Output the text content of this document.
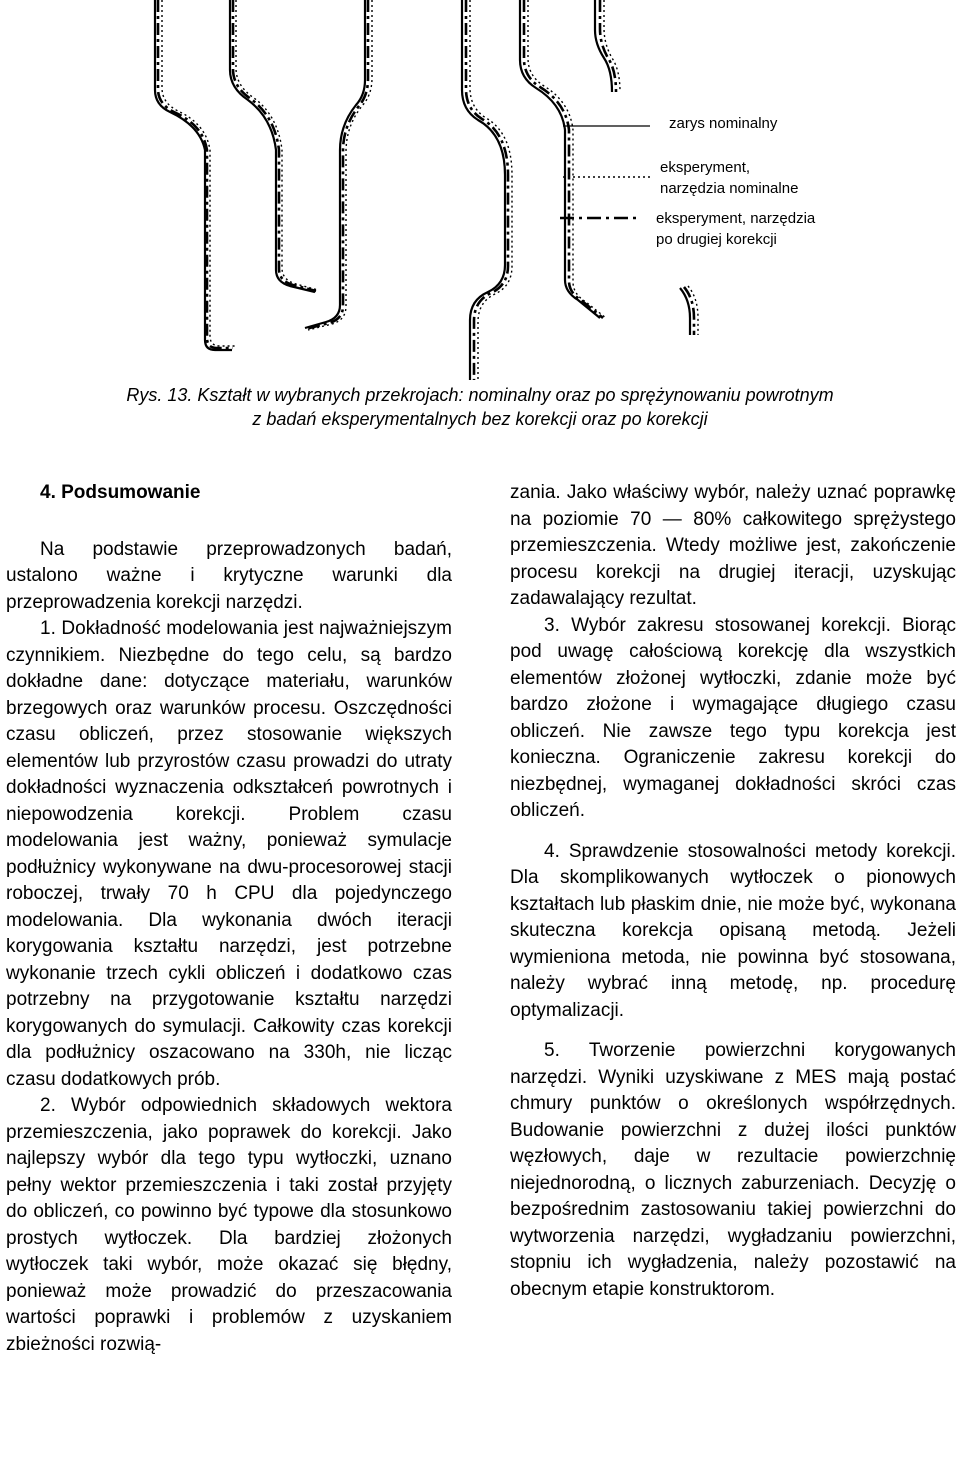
zarys nominalny
eksperyment,
narzędzia nominalne
eksperyment, narzędzia
po drugiej korekcji
Rys. 13. Kształt w wybranych przekrojach: nominalny oraz po sprężynowaniu powrotnym
z badań eksperymentalnych bez korekcji oraz po korekcji

4. Podsumowanie

Na podstawie przeprowadzonych badań, ustalono ważne i krytyczne warunki dla przeprowadzenia korekcji narzędzi.

1. Dokładność modelowania jest najważniejszym czynnikiem. Niezbędne do tego celu, są bardzo dokładne dane: dotyczące materiału, warunków brzegowych oraz warunków procesu. Oszczędności czasu obliczeń, przez stosowanie większych elementów lub przyrostów czasu prowadzi do utraty dokładności wyznaczenia odkształceń powrotnych i niepowodzenia korekcji. Problem czasu modelowania jest ważny, ponieważ symulacje podłużnicy wykonywane na dwu-procesorowej stacji roboczej, trwały 70 h CPU dla pojedynczego modelowania. Dla wykonania dwóch iteracji korygowania kształtu narzędzi, jest potrzebne wykonanie trzech cykli obliczeń i dodatkowo czas potrzebny na przygotowanie kształtu narzędzi korygowanych do symulacji. Całkowity czas korekcji dla podłużnicy oszacowano na 330h, nie licząc czasu dodatkowych prób.

2. Wybór odpowiednich składowych wektora przemieszczenia, jako poprawek do korekcji. Jako najlepszy wybór dla tego typu wytłoczki, uznano pełny wektor przemieszczenia i taki został przyjęty do obliczeń, co powinno być typowe dla stosunkowo prostych wytłoczek. Dla bardziej złożonych wytłoczek taki wybór, może okazać się błędny, ponieważ może prowadzić do przeszacowania wartości poprawki i problemów z uzyskaniem zbieżności rozwią-

zania. Jako właściwy wybór, należy uznać poprawkę na poziomie 70 — 80% całkowitego sprężystego przemieszczenia. Wtedy możliwe jest, zakończenie procesu korekcji na drugiej iteracji, uzyskując zadawalający rezultat.

3. Wybór zakresu stosowanej korekcji. Biorąc pod uwagę całościową korekcję dla wszystkich elementów złożonej wytłoczki, zdanie może być bardzo złożone i wymagające długiego czasu obliczeń. Nie zawsze tego typu korekcja jest konieczna. Ograniczenie zakresu korekcji do niezbędnej, wymaganej dokładności skróci czas obliczeń.

4. Sprawdzenie stosowalności metody korekcji. Dla skomplikowanych wytłoczek o pionowych kształtach lub płaskim dnie, nie może być, wykonana skuteczna korekcja opisaną metodą. Jeżeli wymieniona metoda, nie powinna być stosowana, należy wybrać inną metodę, np. procedurę optymalizacji.

5. Tworzenie powierzchni korygowanych narzędzi. Wyniki uzyskiwane z MES mają postać chmury punktów o określonych współrzędnych. Budowanie powierzchni z dużej ilości punktów węzłowych, daje w rezultacie powierzchnię niejednorodną, o licznych zaburzeniach. Decyzję o bezpośrednim zastosowaniu takiej powierzchni do wytworzenia narzędzi, wygładzaniu powierzchni, stopniu ich wygładzenia, należy pozostawić na obecnym etapie konstruktorom.
